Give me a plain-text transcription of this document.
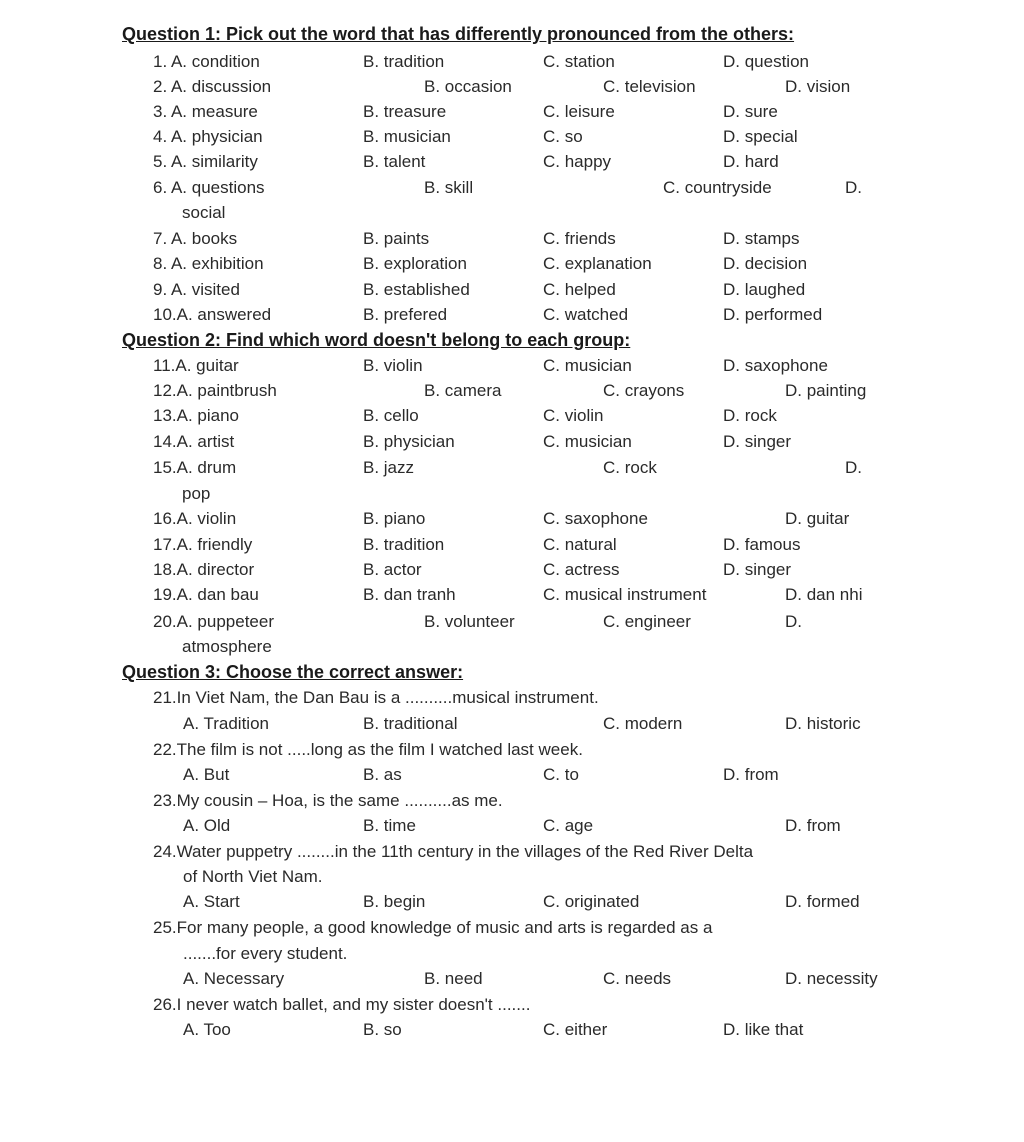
Question 1: Pick out the word that has differently pronounced from the others:
1. A. condition	B. tradition	C. station	D. question
2. A. discussion	B. occasion	C. television	D. vision
3. A. measure	B. treasure	C. leisure	D. sure
4. A. physician	B. musician	C. so	D. special
5. A. similarity	B. talent	C. happy	D. hard
6. A. questions	B. skill	C. countryside	D.
social
7. A. books	B. paints	C. friends	D. stamps
8. A. exhibition	B. exploration	C. explanation	D. decision
9. A. visited	B. established	C. helped	D. laughed
10.A. answered	B. prefered	C. watched	D. performed
Question 2: Find which word doesn't belong to each group:
11.A. guitar	B. violin	C. musician	D. saxophone
12.A. paintbrush	B. camera	C. crayons	D. painting
13.A. piano	B. cello	C. violin	D. rock
14.A. artist	B. physician	C. musician	D. singer
15.A. drum	B. jazz	C. rock	D.
pop
16.A. violin	B. piano	C. saxophone	D. guitar
17.A. friendly	B. tradition	C. natural	D. famous
18.A. director	B. actor	C. actress	D. singer
19.A. dan bau	B. dan tranh	C. musical instrument	D. dan nhi
20.A. puppeteer	B. volunteer	C. engineer	D.
atmosphere
Question 3: Choose the correct answer:
21.In Viet Nam, the Dan Bau is a ..........musical instrument.
A. Tradition	B. traditional	C. modern	D. historic
22.The film is not .....long as the film I watched last week.
A. But	B. as	C. to	D. from
23.My cousin – Hoa, is the same ..........as me.
A. Old	B. time	C. age	D. from
24.Water puppetry ........in the 11th century in the villages of the Red River Delta
of North Viet Nam.
A. Start	B. begin	C. originated	D. formed
25.For many people, a good knowledge of music and arts is regarded as a
.......for every student.
A. Necessary	B. need	C. needs	D. necessity
26.I never watch ballet, and my sister doesn't .......
A. Too	B. so	C. either	D. like that
